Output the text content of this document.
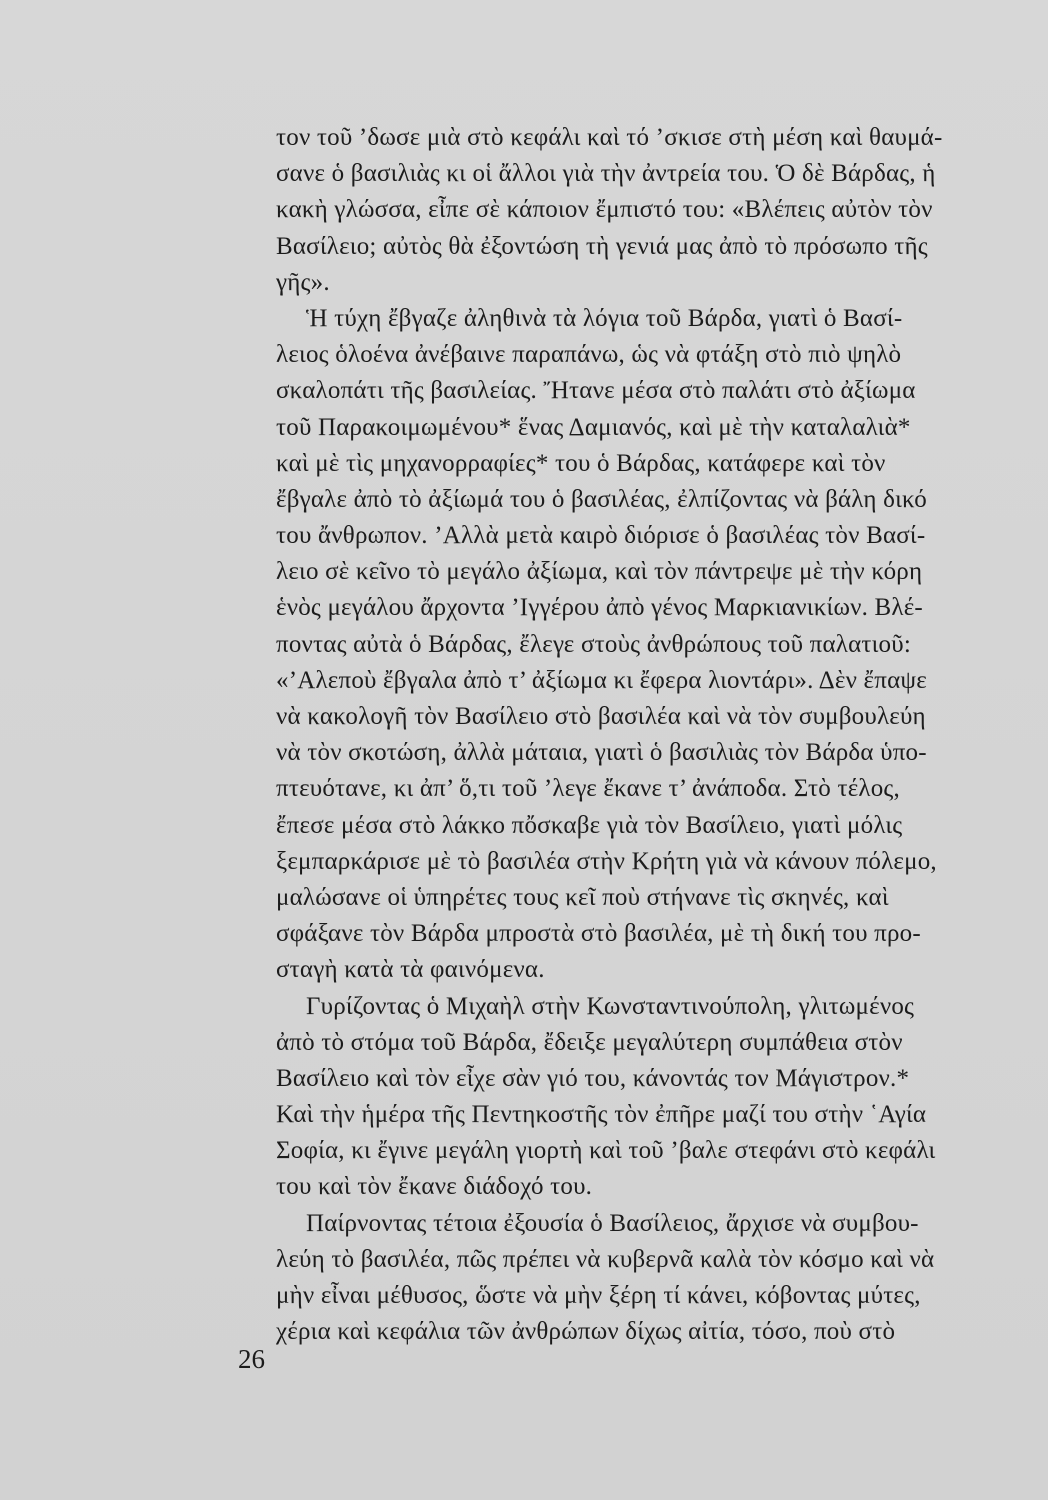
τον τοῦ ’δωσε μιὰ στὸ κεφάλι καὶ τό ’σκισε στὴ μέση καὶ θαυμά-
σανε ὁ βασιλιὰς κι οἱ ἄλλοι γιὰ τὴν ἀντρεία του. Ὁ δὲ Βάρδας, ἡ
κακὴ γλώσσα, εἶπε σὲ κάποιον ἔμπιστό του: «Βλέπεις αὐτὸν τὸν
Βασίλειο; αὐτὸς θὰ ἐξοντώση τὴ γενιά μας ἀπὸ τὸ πρόσωπο τῆς
γῆς».
Ἡ τύχη ἔβγαζε ἀληθινὰ τὰ λόγια τοῦ Βάρδα, γιατὶ ὁ Βασί-
λειος ὁλοένα ἀνέβαινε παραπάνω, ὡς νὰ φτάξη στὸ πιὸ ψηλὸ
σκαλοπάτι τῆς βασιλείας. Ἤτανε μέσα στὸ παλάτι στὸ ἀξίωμα
τοῦ Παρακοιμωμένου* ἕνας Δαμιανός, καὶ μὲ τὴν καταλαλιὰ*
καὶ μὲ τὶς μηχανορραφίες* του ὁ Βάρδας, κατάφερε καὶ τὸν
ἔβγαλε ἀπὸ τὸ ἀξίωμά του ὁ βασιλέας, ἐλπίζοντας νὰ βάλη δικό
του ἄνθρωπον. ’Αλλὰ μετὰ καιρὸ διόρισε ὁ βασιλέας τὸν Βασί-
λειο σὲ κεῖνο τὸ μεγάλο ἀξίωμα, καὶ τὸν πάντρεψε μὲ τὴν κόρη
ἑνὸς μεγάλου ἄρχοντα ’Ιγγέρου ἀπὸ γένος Μαρκιανικίων. Βλέ-
ποντας αὐτὰ ὁ Βάρδας, ἔλεγε στοὺς ἀνθρώπους τοῦ παλατιοῦ:
«’Αλεποὺ ἔβγαλα ἀπὸ τ’ ἀξίωμα κι ἔφερα λιοντάρι». Δὲν ἔπαψε
νὰ κακολογῆ τὸν Βασίλειο στὸ βασιλέα καὶ νὰ τὸν συμβουλεύη
νὰ τὸν σκοτώση, ἀλλὰ μάταια, γιατὶ ὁ βασιλιὰς τὸν Βάρδα ὑπο-
πτευότανε, κι ἀπ’ ὅ,τι τοῦ ’λεγε ἔκανε τ’ ἀνάποδα. Στὸ τέλος,
ἔπεσε μέσα στὸ λάκκο πὄσκαβε γιὰ τὸν Βασίλειο, γιατὶ μόλις
ξεμπαρκάρισε μὲ τὸ βασιλέα στὴν Κρήτη γιὰ νὰ κάνουν πόλεμο,
μαλώσανε οἱ ὑπηρέτες τους κεῖ ποὺ στήνανε τὶς σκηνές, καὶ
σφάξανε τὸν Βάρδα μπροστὰ στὸ βασιλέα, μὲ τὴ δική του προ-
σταγὴ κατὰ τὰ φαινόμενα.
Γυρίζοντας ὁ Μιχαὴλ στὴν Κωνσταντινούπολη, γλιτωμένος
ἀπὸ τὸ στόμα τοῦ Βάρδα, ἔδειξε μεγαλύτερη συμπάθεια στὸν
Βασίλειο καὶ τὸν εἶχε σὰν γιό του, κάνοντάς τον Μάγιστρον.*
Καὶ τὴν ἡμέρα τῆς Πεντηκοστῆς τὸν ἐπῆρε μαζί του στὴν ῾Αγία
Σοφία, κι ἔγινε μεγάλη γιορτὴ καὶ τοῦ ’βαλε στεφάνι στὸ κεφάλι
του καὶ τὸν ἔκανε διάδοχό του.
Παίρνοντας τέτοια ἐξουσία ὁ Βασίλειος, ἄρχισε νὰ συμβου-
λεύη τὸ βασιλέα, πῶς πρέπει νὰ κυβερνᾶ καλὰ τὸν κόσμο καὶ νὰ
μὴν εἶναι μέθυσος, ὥστε νὰ μὴν ξέρη τί κάνει, κόβοντας μύτες,
χέρια καὶ κεφάλια τῶν ἀνθρώπων δίχως αἰτία, τόσο, ποὺ στὸ
26
